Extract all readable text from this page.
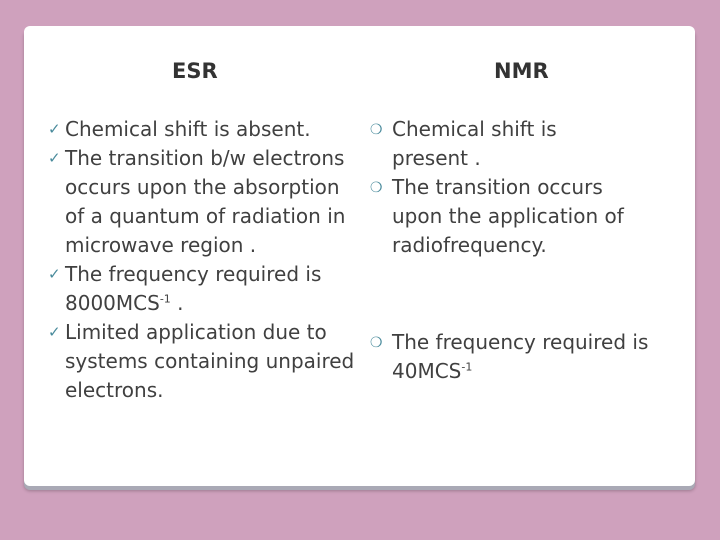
ESR	NMR
✓ Chemical shift is absent.
✓ The transition b/w electrons occurs upon the absorption of a quantum of radiation in microwave region .
✓ The frequency required is $8000MCS^{-1}$ .
✓ Limited application due to systems containing unpaired electrons.
❍ Chemical shift is present .
❍ The transition occurs upon the application of radiofrequency.
❍ The frequency required is $40MCS^{-1}$
